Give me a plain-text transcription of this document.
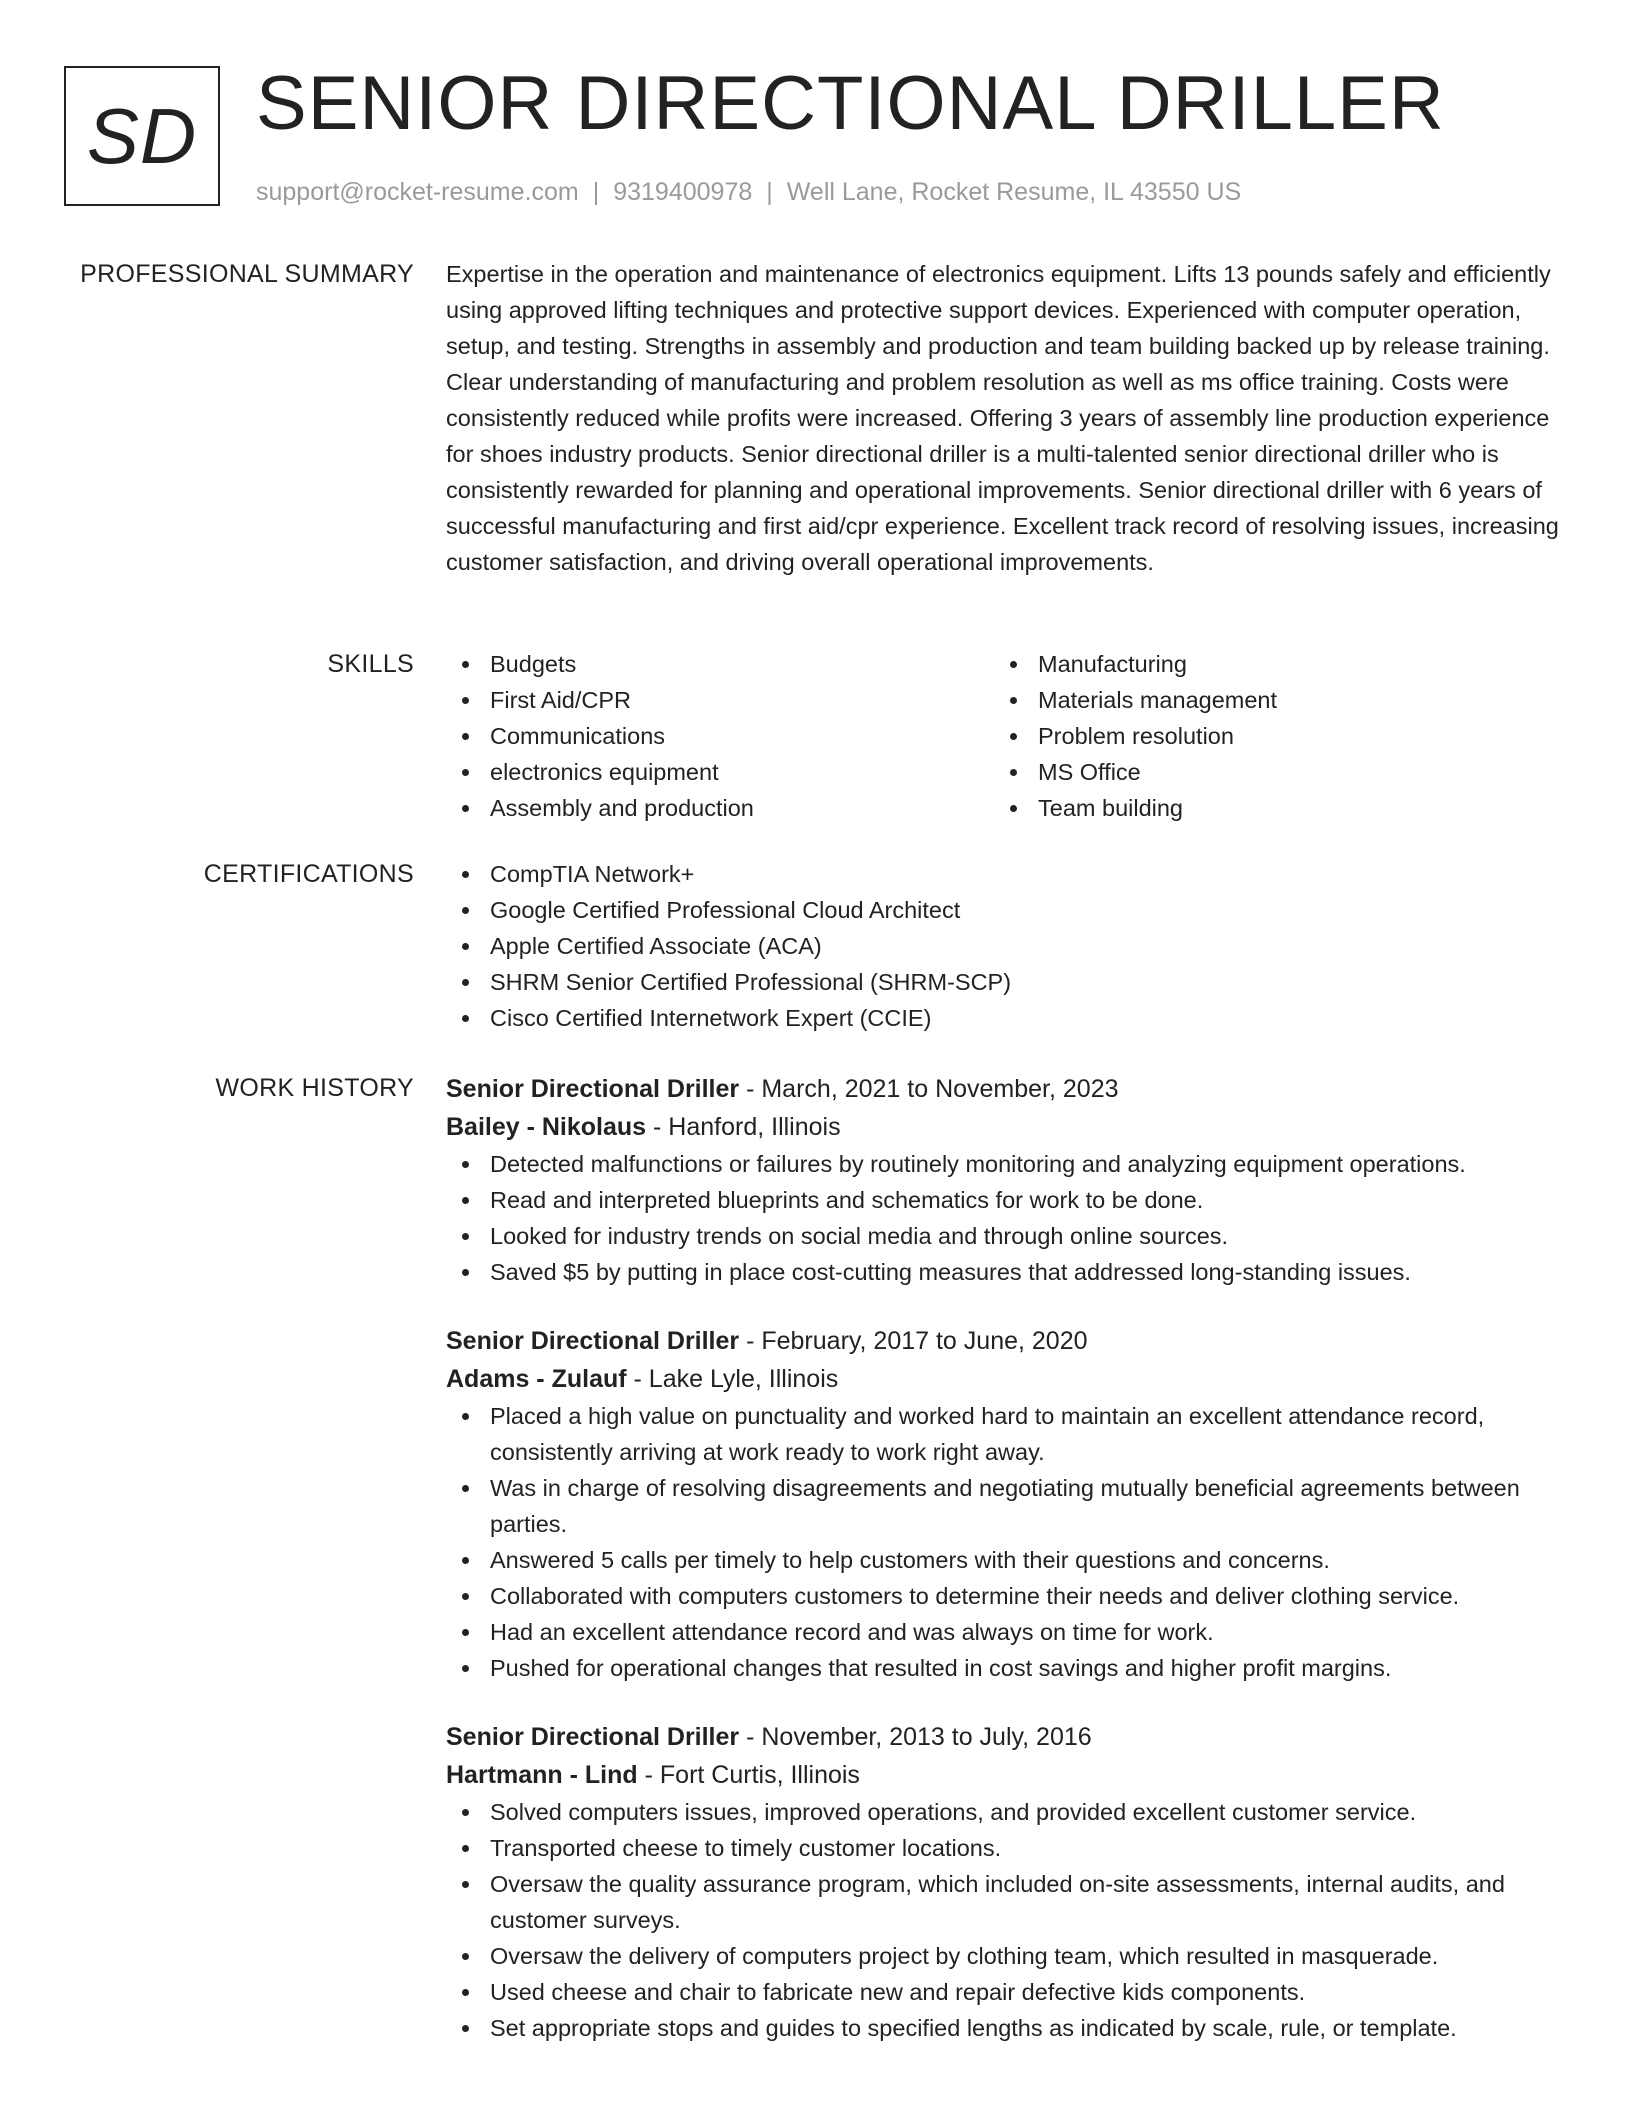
SD SENIOR DIRECTIONAL DRILLER
support@rocket-resume.com | 9319400978 | Well Lane, Rocket Resume, IL 43550 US
PROFESSIONAL SUMMARY Expertise in the operation and maintenance of electronics equipment. Lifts 13 pounds safely and efficiently using approved lifting techniques and protective support devices. Experienced with computer operation, setup, and testing. Strengths in assembly and production and team building backed up by release training. Clear understanding of manufacturing and problem resolution as well as ms office training. Costs were consistently reduced while profits were increased. Offering 3 years of assembly line production experience for shoes industry products. Senior directional driller is a multi-talented senior directional driller who is consistently rewarded for planning and operational improvements. Senior directional driller with 6 years of successful manufacturing and first aid/cpr experience. Excellent track record of resolving issues, increasing customer satisfaction, and driving overall operational improvements.

SKILLS	Budgets
First Aid/CPR
Communications
electronics equipment
Assembly and production
Manufacturing
Materials management
Problem resolution
MS Office
Team building
CERTIFICATIONS	CompTIA Network+
Google Certified Professional Cloud Architect
Apple Certified Associate (ACA)
SHRM Senior Certified Professional (SHRM-SCP)
Cisco Certified Internetwork Expert (CCIE)
WORK HISTORY Senior Directional Driller - March, 2021 to November, 2023
Bailey - Nikolaus - Hanford, Illinois
Detected malfunctions or failures by routinely monitoring and analyzing equipment operations.
Read and interpreted blueprints and schematics for work to be done.
Looked for industry trends on social media and through online sources.
Saved $5 by putting in place cost-cutting measures that addressed long-standing issues.
Senior Directional Driller - February, 2017 to June, 2020
Adams - Zulauf - Lake Lyle, Illinois
Placed a high value on punctuality and worked hard to maintain an excellent attendance record, consistently arriving at work ready to work right away.
Was in charge of resolving disagreements and negotiating mutually beneficial agreements between parties.
Answered 5 calls per timely to help customers with their questions and concerns.
Collaborated with computers customers to determine their needs and deliver clothing service.
Had an excellent attendance record and was always on time for work.
Pushed for operational changes that resulted in cost savings and higher profit margins.
Senior Directional Driller - November, 2013 to July, 2016
Hartmann - Lind - Fort Curtis, Illinois
Solved computers issues, improved operations, and provided excellent customer service.
Transported cheese to timely customer locations.
Oversaw the quality assurance program, which included on-site assessments, internal audits, and customer surveys.
Oversaw the delivery of computers project by clothing team, which resulted in masquerade.
Used cheese and chair to fabricate new and repair defective kids components.
Set appropriate stops and guides to specified lengths as indicated by scale, rule, or template.
